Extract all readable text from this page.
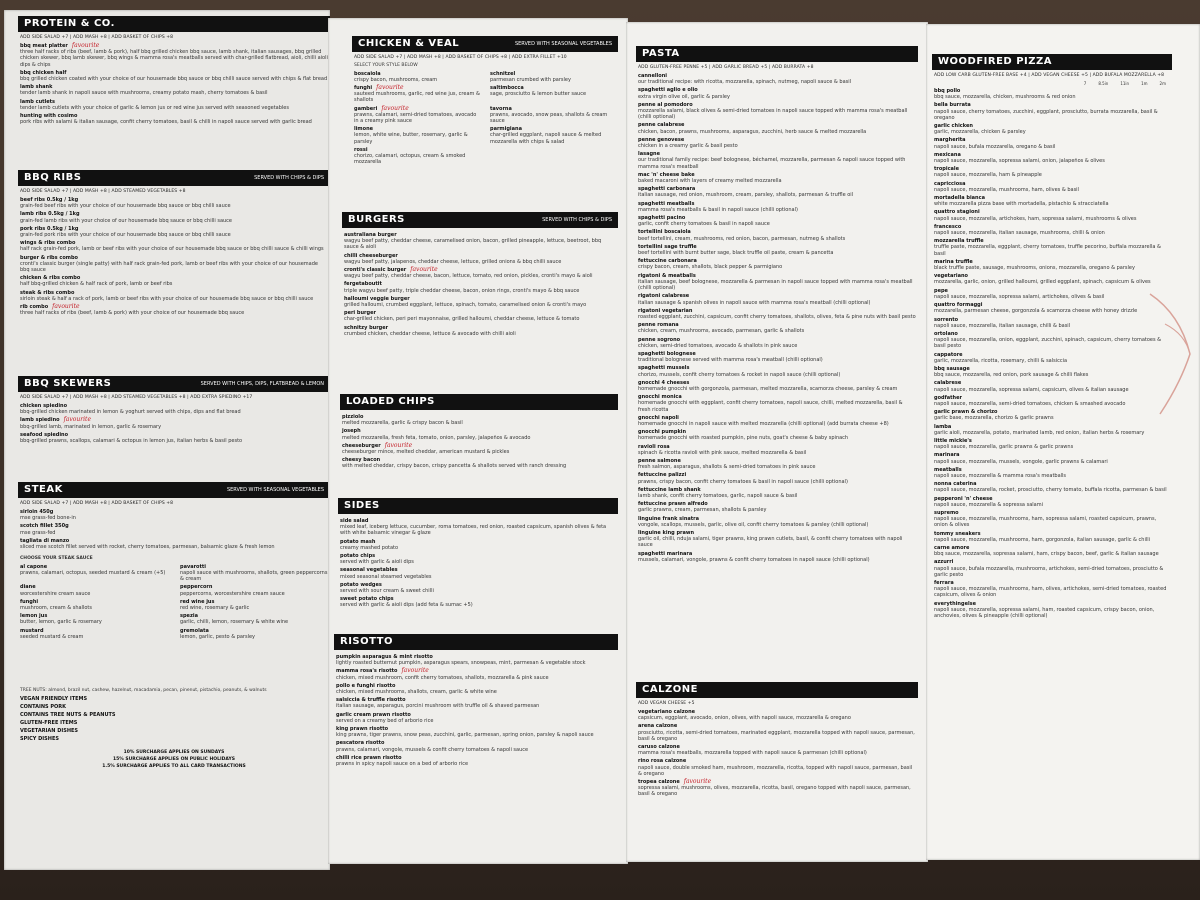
PROTEIN & CO.
ADD SIDE SALAD +7 | ADD MASH +8 | ADD BASKET OF CHIPS +8
bbq meat platter favourite
three half racks of ribs (beef, lamb & pork), half bbq grilled chicken bbq sauce, lamb shank, italian sausages, bbq grilled chicken skewer, bbq lamb skewer, bbq wings & mamma rosa's meatballs served with char-grilled flatbread, aioli, chilli aioli dips & chips
bbq chicken half
bbq grilled chicken coated with your choice of our housemade bbq sauce or bbq chilli sauce served with chips & flat bread
lamb shank
tender lamb shank in napoli sauce with mushrooms, creamy potato mash, cherry tomatoes & basil
lamb cutlets
tender lamb cutlets with your choice of garlic & lemon jus or red wine jus served with seasoned vegetables
hunting with cosimo
pork ribs with salami & italian sausage, confit cherry tomatoes, basil & chilli in napoli sauce served with garlic bread
BBQ RIBS	SERVED WITH CHIPS & DIPS
ADD SIDE SALAD +7 | ADD MASH +8 | ADD STEAMED VEGETABLES +8
beef ribs 0.5kg / 1kg
grain-fed beef ribs with your choice of our housemade bbq sauce or bbq chilli sauce
lamb ribs 0.5kg / 1kg
grain-fed lamb ribs with your choice of our housemade bbq sauce or bbq chilli sauce
pork ribs 0.5kg / 1kg
grain-fed pork ribs with your choice of our housemade bbq sauce or bbq chilli sauce
wings & ribs combo
half rack grain-fed pork, lamb or beef ribs with your choice of our housemade bbq sauce or bbq chilli sauce & chilli wings
burger & ribs combo
cronti's classic burger (single patty) with half rack grain-fed pork, lamb or beef ribs with your choice of our housemade bbq sauce
chicken & ribs combo
half bbq-grilled chicken & half rack of pork, lamb or beef ribs
steak & ribs combo
sirloin steak & half a rack of pork, lamb or beef ribs with your choice of our housemade bbq sauce or bbq chilli sauce
rib combo favourite
three half racks of ribs (beef, lamb & pork) with your choice of our housemade bbq sauce
BBQ SKEWERS	SERVED WITH CHIPS, DIPS, FLATBREAD & LEMON
ADD SIDE SALAD +7 | ADD MASH +8 | ADD STEAMED VEGETABLES +8 | ADD EXTRA SPIEDINO +17
chicken spiedino
bbq-grilled chicken marinated in lemon & yoghurt served with chips, dips and flat bread
lamb spiedino favourite
bbq-grilled lamb, marinated in lemon, garlic & rosemary
seafood spiedino
bbq-grilled prawns, scallops, calamari & octopus in lemon jus, italian herbs & basil pesto
STEAK	SERVED WITH SEASONAL VEGETABLES
ADD SIDE SALAD +7 | ADD MASH +8 | ADD BASKET OF CHIPS +8
sirloin 450g
mse grass-fed bone-in
scotch fillet 350g
mse grass-fed
tagliata di manzo
sliced mse scotch fillet served with rocket, cherry tomatoes, parmesan, balsamic glaze & fresh lemon
CHOOSE YOUR STEAK SAUCE
al capone
prawns, calamari, octopus, seeded mustard & cream (+5)
pavarotti
napoli sauce with mushrooms, shallots, green peppercorns & cream
diane
worcestershire cream sauce
peppercorn
peppercorns, worcestershire cream sauce
funghi
mushroom, cream & shallots
red wine jus
red wine, rosemary & garlic
lemon jus
butter, lemon, garlic & rosemary
spezia
garlic, chilli, lemon, rosemary & white wine
mustard
seeded mustard & cream
gremolata
lemon, garlic, pesto & parsley
TREE NUTS: almond, brazil nut, cashew, hazelnut, macadamia, pecan, pinenut, pistachio, peanuts, & walnuts
VEGAN FRIENDLY ITEMS
CONTAINS PORK
CONTAINS TREE NUTS & PEANUTS
GLUTEN-FREE ITEMS
VEGETARIAN DISHES
SPICY DISHES
10% SURCHARGE APPLIES ON SUNDAYS
15% SURCHARGE APPLIES ON PUBLIC HOLIDAYS
1.5% SURCHARGE APPLIES TO ALL CARD TRANSACTIONS
CHICKEN & VEAL	SERVED WITH SEASONAL VEGETABLES
ADD SIDE SALAD +7 | ADD MASH +8 | ADD BASKET OF CHIPS +8 | ADD EXTRA FILLET +10
SELECT YOUR STYLE BELOW
boscaiola
crispy bacon, mushrooms, cream
schnitzel
parmesan crumbed with parsley
funghi favourite
sauteed mushrooms, garlic, red wine jus, cream & shallots
saltimbocca
sage, prosciutto & lemon butter sauce
gamberi favourite
prawns, calamari, semi-dried tomatoes, avocado in a creamy pink sauce
tavorna
prawns, avocado, snow peas, shallots & cream sauce
limone
lemon, white wine, butter, rosemary, garlic & parsley
parmigiana
char-grilled eggplant, napoli sauce & melted mozzarella with chips & salad
rossi
chorizo, calamari, octopus, cream & smoked mozzarella
BURGERS	SERVED WITH CHIPS & DIPS
australiana burger
wagyu beef patty, cheddar cheese, caramelised onion, bacon, grilled pineapple, lettuce, beetroot, bbq sauce & aioli
chilli cheeseburger
wagyu beef patty, jalapenos, cheddar cheese, lettuce, grilled onions & bbq chilli sauce
cronti's classic burger favourite
wagyu beef patty, cheddar cheese, bacon, lettuce, tomato, red onion, pickles, cronti's mayo & aioli
fergetaboutit
triple wagyu beef patty, triple cheddar cheese, bacon, onion rings, cronti's mayo & bbq sauce
halloumi veggie burger
grilled halloumi, crumbed eggplant, lettuce, spinach, tomato, caramelised onion & cronti's mayo
peri burger
char-grilled chicken, peri peri mayonnaise, grilled halloumi, cheddar cheese, lettuce & tomato
schnitzy burger
crumbed chicken, cheddar cheese, lettuce & avocado with chilli aioli
LOADED CHIPS
pizziolo
melted mozzarella, garlic & crispy bacon & basil
joseph
melted mozzarella, fresh feta, tomato, onion, parsley, jalapeños & avocado
cheeseburger favourite
cheeseburger mince, melted cheddar, american mustard & pickles
cheesy bacon
with melted cheddar, crispy bacon, crispy pancetta & shallots served with ranch dressing
SIDES
side salad
mixed leaf, iceberg lettuce, cucumber, roma tomatoes, red onion, roasted capsicum, spanish olives & feta with white balsamic vinegar & glaze
potato mash
creamy mashed potato
potato chips
served with garlic & aioli dips
seasonal vegetables
mixed seasonal steamed vegetables
potato wedges
served with sour cream & sweet chilli
sweet potato chips
served with garlic & aioli dips (add feta & sumac +5)
RISOTTO
pumpkin asparagus & mint risotto
lightly roasted butternut pumpkin, asparagus spears, snowpeas, mint, parmesan & vegetable stock
mamma rosa's risotto favourite
chicken, mixed mushroom, confit cherry tomatoes, shallots, mozzarella & pink sauce
pollo e funghi risotto
chicken, mixed mushrooms, shallots, cream, garlic & white wine
salsiccia & truffle risotto
italian sausage, asparagus, porcini mushroom with truffle oil & shaved parmesan
garlic cream prawn risotto
served on a creamy bed of arborio rice
king prawn risotto
king prawns, tiger prawns, snow peas, zucchini, garlic, parmesan, spring onion, parsley & napoli sauce
pescatora risotto
prawns, calamari, vongole, mussels & confit cherry tomatoes & napoli sauce
chilli rice prawn risotto
prawns in spicy napoli sauce on a bed of arborio rice
PASTA
ADD GLUTEN-FREE PENNE +5 | ADD GARLIC BREAD +5 | ADD BURRATA +8
cannelloni
our traditional recipe: with ricotta, mozzarella, spinach, nutmeg, napoli sauce & basil
spaghetti aglio e olio
extra virgin olive oil, garlic & parsley
penne al pomodoro
mozzarella salami, black olives & semi-dried tomatoes in napoli sauce topped with mamma rosa's meatball (chilli optional)
penne calabrese
chicken, bacon, prawns, mushrooms, asparagus, zucchini, herb sauce & melted mozzarella
penne genovese
chicken in a creamy garlic & basil pesto
lasagne
our traditional family recipe: beef bolognese, béchamel, mozzarella, parmesan & napoli sauce topped with mamma rosa's meatball
mac 'n' cheese bake
baked macaroni with layers of creamy melted mozzarella
spaghetti carbonara
italian sausage, red onion, mushroom, cream, parsley, shallots, parmesan & truffle oil
spaghetti meatballs
mamma rosa's meatballs & basil in napoli sauce (chilli optional)
spaghetti pacino
garlic, confit cherry tomatoes & basil in napoli sauce
tortellini boscaiola
beef tortellini, cream, mushrooms, red onion, bacon, parmesan, nutmeg & shallots
tortellini sage truffle
beef tortellini with burnt butter sage, black truffle oil paste, cream & pancetta
fettuccine carbonara
crispy bacon, cream, shallots, black pepper & parmigiano
rigatoni & meatballs
italian sausage, beef bolognese, mozzarella & parmesan in napoli sauce topped with mamma rosa's meatball (chilli optional)
rigatoni calabrese
italian sausage & spanish olives in napoli sauce with mamma rosa's meatball (chilli optional)
rigatoni vegetarian
roasted eggplant, zucchini, capsicum, confit cherry tomatoes, shallots, olives, feta & pine nuts with basil pesto
penne romana
chicken, cream, mushrooms, avocado, parmesan, garlic & shallots
penne sogrono
chicken, semi-dried tomatoes, avocado & shallots in pink sauce
spaghetti bolognese
traditional bolognese served with mamma rosa's meatball (chilli optional)
spaghetti mussels
chorizo, mussels, confit cherry tomatoes & rocket in napoli sauce (chilli optional)
gnocchi 4 cheeses
homemade gnocchi with gorgonzola, parmesan, melted mozzarella, scamorza cheese, parsley & cream
gnocchi monica
homemade gnocchi with eggplant, confit cherry tomatoes, napoli sauce, chilli, melted mozzarella, basil & fresh ricotta
gnocchi napoli
homemade gnocchi in napoli sauce with melted mozzarella (chilli optional) (add burrata cheese +8)
gnocchi pumpkin
homemade gnocchi with roasted pumpkin, pine nuts, goat's cheese & baby spinach
ravioli rosa
spinach & ricotta ravioli with pink sauce, melted mozzarella & basil
penne salmone
fresh salmon, asparagus, shallots & semi-dried tomatoes in pink sauce
fettuccine palizzi
prawns, crispy bacon, confit cherry tomatoes & basil in napoli sauce (chilli optional)
fettuccine lamb shank
lamb shank, confit cherry tomatoes, garlic, napoli sauce & basil
fettuccine prawn alfredo
garlic prawns, cream, parmesan, shallots & parsley
linguine frank sinatra
vongole, scallops, mussels, garlic, olive oil, confit cherry tomatoes & parsley (chilli optional)
linguine king prawn
garlic oil, chilli, nduja salami, tiger prawns, king prawn cutlets, basil, & confit cherry tomatoes with napoli sauce
spaghetti marinara
mussels, calamari, vongole, prawns & confit cherry tomatoes in napoli sauce (chilli optional)
CALZONE
ADD VEGAN CHEESE +5
vegetariano calzone
capsicum, eggplant, avocado, onion, olives, with napoli sauce, mozzarella & oregano
arena calzone
prosciutto, ricotta, semi-dried tomatoes, marinated eggplant, mozzarella topped with napoli sauce, parmesan, basil & oregano
caruso calzone
mamma rosa's meatballs, mozzarella topped with napoli sauce & parmesan (chilli optional)
rino rosa calzone
napoli sauce, double smoked ham, mushroom, mozzarella, ricotta, topped with napoli sauce, parmesan, basil & oregano
tropea calzone favourite
sopressa salami, mushrooms, olives, mozzarella, ricotta, basil, oregano topped with napoli sauce, parmesan, basil & oregano
WOODFIRED PIZZA
ADD LOW CARB GLUTEN-FREE BASE +4 | ADD VEGAN CHEESE +5 | ADD BUFALA MOZZARELLA +8
7	8.5in	11in	1m	2m
bbq pollo
bbq sauce, mozzarella, chicken, mushrooms & red onion
bella burrata
napoli sauce, cherry tomatoes, zucchini, eggplant, prosciutto, burrata mozzarella, basil & oregano
garlic chicken
garlic, mozzarella, chicken & parsley
margherita
napoli sauce, bufala mozzarella, oregano & basil
mexicana
napoli sauce, mozzarella, sopressa salami, onion, jalapeños & olives
tropicale
napoli sauce, mozzarella, ham & pineapple
capricciosa
napoli sauce, mozzarella, mushrooms, ham, olives & basil
mortadella bianca
white mozzarella pizza base with mortadella, pistachio & stracciatella
quattro stagioni
napoli sauce, mozzarella, artichokes, ham, sopressa salami, mushrooms & olives
francesco
napoli sauce, mozzarella, italian sausage, mushrooms, chilli & onion
mozzarella truffle
truffle paste, mozzarella, eggplant, cherry tomatoes, truffle pecorino, buffala mozzarella & basil
marina truffle
black truffle paste, sausage, mushrooms, onions, mozzarella, oregano & parsley
vegetariano
mozzarella, garlic, onion, grilled halloumi, grilled eggplant, spinach, capsicum & olives
pepe
napoli sauce, mozzarella, sopressa salami, artichokes, olives & basil
quattro formaggi
mozzarella, parmesan cheese, gorgonzola & scamorza cheese with honey drizzle
sorrento
napoli sauce, mozzarella, italian sausage, chilli & basil
ortolano
napoli sauce, mozzarella, onion, eggplant, zucchini, spinach, capsicum, cherry tomatoes & basil pesto
cappatore
garlic, mozzarella, ricotta, rosemary, chilli & salsiccia
bbq sausage
bbq sauce, mozzarella, red onion, pork sausage & chilli flakes
calabrese
napoli sauce, mozzarella, sopressa salami, capsicum, olives & italian sausage
godfather
napoli sauce, mozzarella, semi-dried tomatoes, chicken & smashed avocado
garlic prawn & chorizo
garlic base, mozzarella, chorizo & garlic prawns
lamba
garlic aioli, mozzarella, potato, marinated lamb, red onion, italian herbs & rosemary
little mickie's
napoli sauce, mozzarella, garlic prawns & garlic prawns
marinara
napoli sauce, mozzarella, mussels, vongole, garlic prawns & calamari
meatballs
napoli sauce, mozzarella & mamma rosa's meatballs
nonna caterina
napoli sauce, mozzarella, rocket, prosciutto, cherry tomato, buffala ricotta, parmesan & basil
pepperoni 'n' cheese
napoli sauce, mozzarella & sopressa salami
supremo
napoli sauce, mozzarella, mushrooms, ham, sopressa salami, roasted capsicum, prawns, onion & olives
tommy sneakers
napoli sauce, mozzarella, mushrooms, ham, gorgonzola, italian sausage, garlic & chilli
carne amore
bbq sauce, mozzarella, sopressa salami, ham, crispy bacon, beef, garlic & italian sausage
azzurri
napoli sauce, bufala mozzarella, mushrooms, artichokes, semi-dried tomatoes, prosciutto & garlic pesto
ferrara
napoli sauce, mozzarella, mushrooms, ham, olives, artichokes, semi-dried tomatoes, roasted capsicum, olives & onion
everythingelse
napoli sauce, mozzarella, sopressa salami, ham, roasted capsicum, crispy bacon, onion, anchovies, olives & pineapple (chilli optional)
